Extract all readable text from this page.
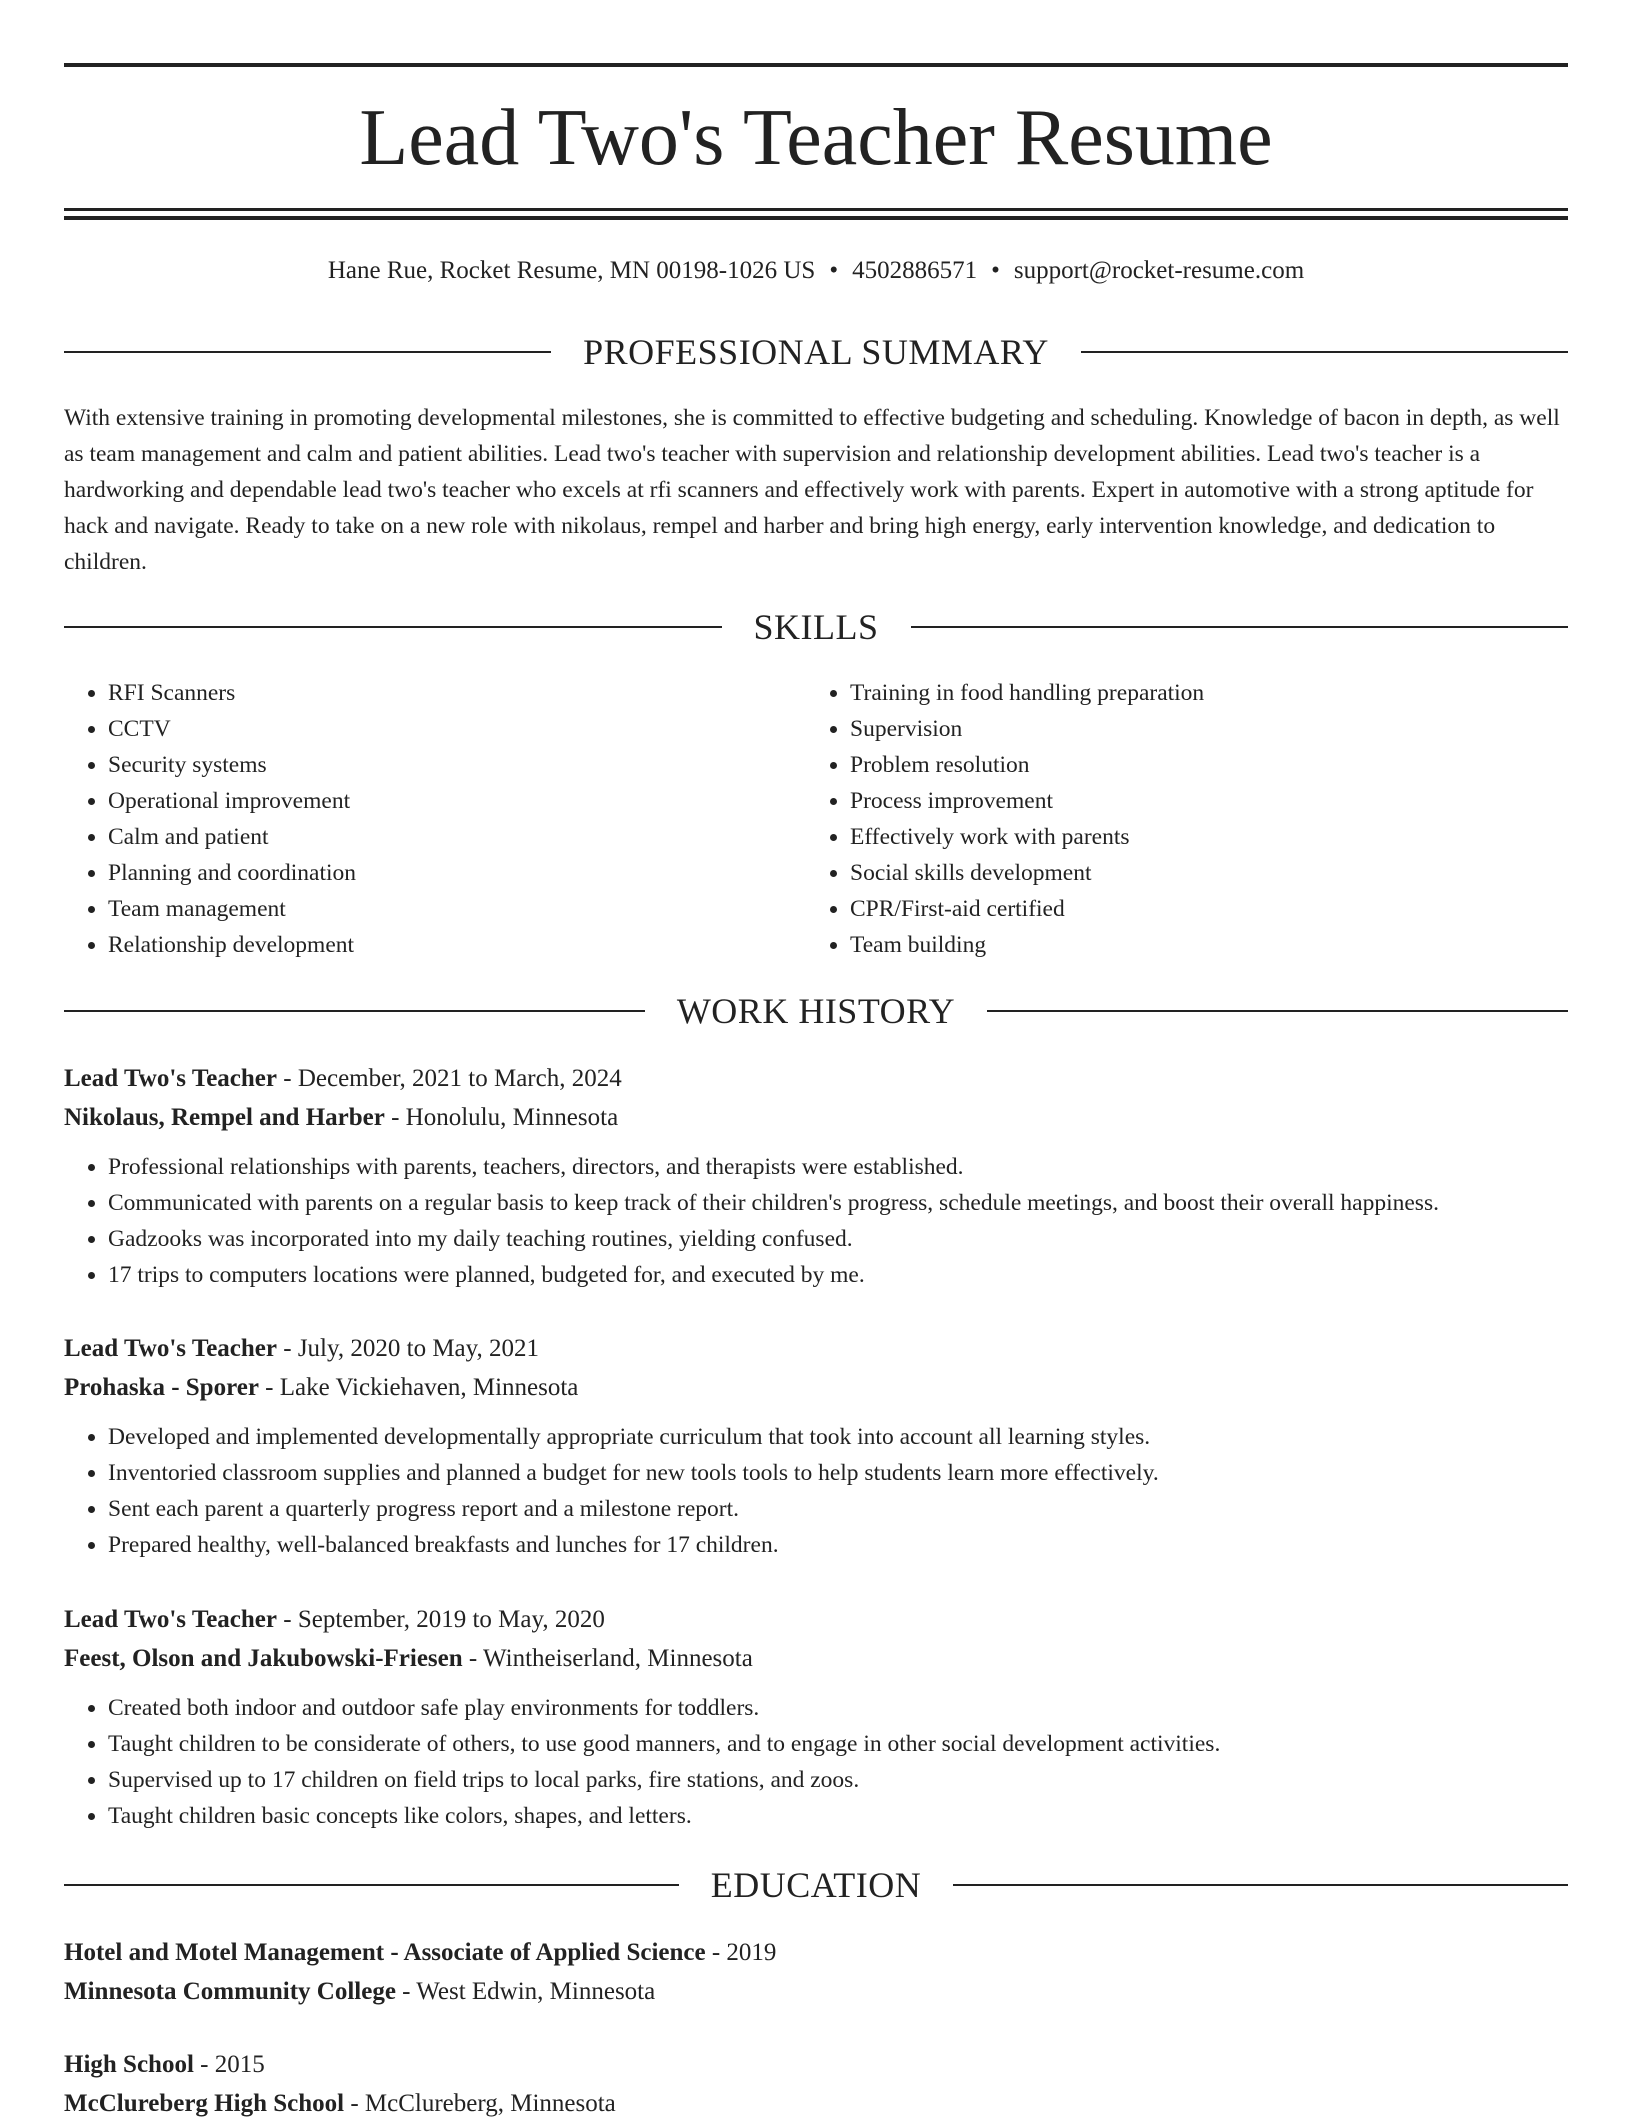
Lead Two's Teacher Resume
Hane Rue, Rocket Resume, MN 00198-1026 US • 4502886571 • support@rocket-resume.com
PROFESSIONAL SUMMARY

With extensive training in promoting developmental milestones, she is committed to effective budgeting and scheduling. Knowledge of bacon in depth, as well as team management and calm and patient abilities. Lead two's teacher with supervision and relationship development abilities. Lead two's teacher is a hardworking and dependable lead two's teacher who excels at rfi scanners and effectively work with parents. Expert in automotive with a strong aptitude for hack and navigate. Ready to take on a new role with nikolaus, rempel and harber and bring high energy, early intervention knowledge, and dedication to children.

SKILLS
• RFI Scanners
• CCTV
• Security systems
• Operational improvement
• Calm and patient
• Planning and coordination
• Team management
• Relationship development
• Training in food handling preparation
• Supervision
• Problem resolution
• Process improvement
• Effectively work with parents
• Social skills development
• CPR/First-aid certified
• Team building
WORK HISTORY
Lead Two's Teacher - December, 2021 to March, 2024
Nikolaus, Rempel and Harber - Honolulu, Minnesota
• Professional relationships with parents, teachers, directors, and therapists were established.
• Communicated with parents on a regular basis to keep track of their children's progress, schedule meetings, and boost their overall happiness.
• Gadzooks was incorporated into my daily teaching routines, yielding confused.
• 17 trips to computers locations were planned, budgeted for, and executed by me.
Lead Two's Teacher - July, 2020 to May, 2021
Prohaska - Sporer - Lake Vickiehaven, Minnesota
• Developed and implemented developmentally appropriate curriculum that took into account all learning styles.
• Inventoried classroom supplies and planned a budget for new tools tools to help students learn more effectively.
• Sent each parent a quarterly progress report and a milestone report.
• Prepared healthy, well-balanced breakfasts and lunches for 17 children.
Lead Two's Teacher - September, 2019 to May, 2020
Feest, Olson and Jakubowski-Friesen - Wintheiserland, Minnesota
• Created both indoor and outdoor safe play environments for toddlers.
• Taught children to be considerate of others, to use good manners, and to engage in other social development activities.
• Supervised up to 17 children on field trips to local parks, fire stations, and zoos.
• Taught children basic concepts like colors, shapes, and letters.
EDUCATION
Hotel and Motel Management - Associate of Applied Science - 2019
Minnesota Community College - West Edwin, Minnesota
High School - 2015
McClureberg High School - McClureberg, Minnesota
